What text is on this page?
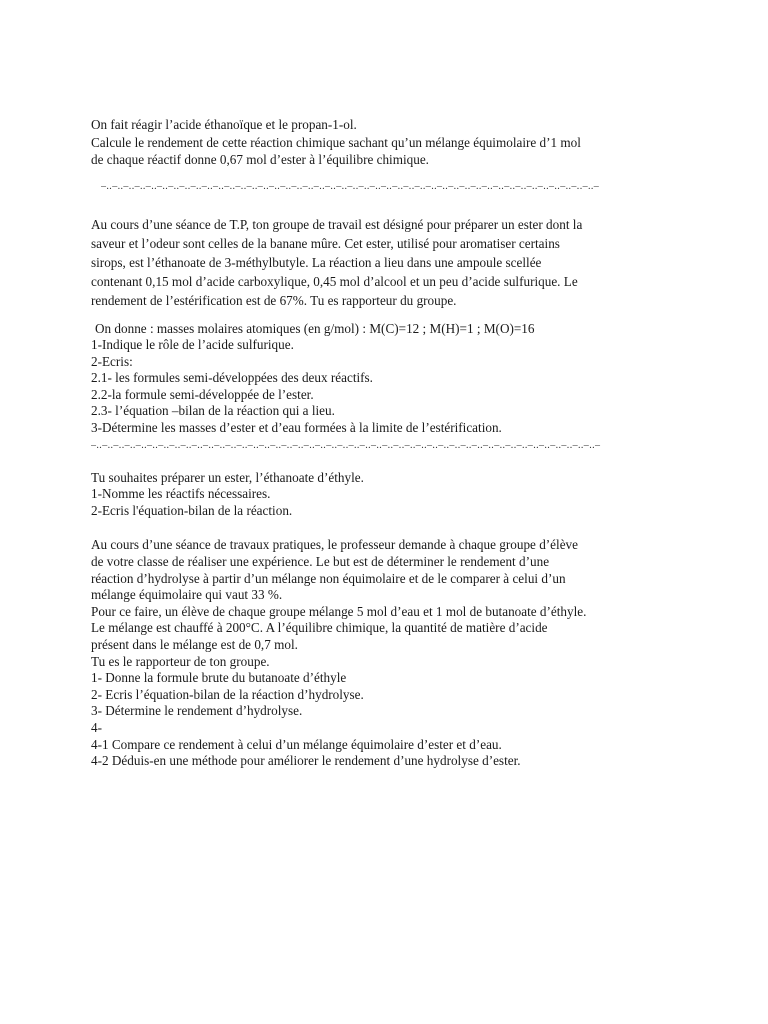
On fait réagir l’acide éthanoïque et le propan-1-ol.
Calcule le rendement de cette réaction chimique sachant qu’un mélange équimolaire d’1 mol
de chaque réactif donne 0,67 mol d’ester à l’équilibre chimique.
–..–..–..–..–..–..–..–..–..–..–..–..–..–..–..–..–..–..–..–..–..–..–..–..–..–..–..–..–..–..–..–..–..–..–..–..–..–..–..–..–..–..–..–..–
Au cours d’une séance de T.P, ton groupe de travail est désigné pour préparer un ester dont la
saveur et l’odeur sont celles de la banane mûre. Cet ester, utilisé pour aromatiser certains
sirops, est l’éthanoate de 3-méthylbutyle. La réaction a lieu dans une ampoule scellée
contenant 0,15 mol d’acide carboxylique, 0,45 mol d’alcool et un peu d’acide sulfurique. Le
rendement de l’estérification est de 67%. Tu es rapporteur du groupe.
On donne : masses molaires atomiques (en g/mol) : M(C)=12 ; M(H)=1 ; M(O)=16
1-Indique le rôle de l’acide sulfurique.
2-Ecris:
2.1- les formules semi-développées des deux réactifs.
2.2-la formule semi-développée de l’ester.
2.3- l’équation –bilan de la réaction qui a lieu.
3-Détermine les masses d’ester et d’eau formées à la limite de l’estérification.
–..–..–..–..–..–..–..–..–..–..–..–..–..–..–..–..–..–..–..–..–..–..–..–..–..–..–..–..–..–..–..–..–..–..–..–..–..–..–..–..–..–..–..–..–..–
Tu souhaites préparer un ester, l’éthanoate d’éthyle.
1-Nomme les réactifs nécessaires.
2-Ecris l'équation-bilan de la réaction.
Au cours d’une séance de travaux pratiques, le professeur demande à chaque groupe d’élève
de votre classe de réaliser une expérience. Le but est de déterminer le rendement d’une
réaction d’hydrolyse à partir d’un mélange non équimolaire et de le comparer à celui d’un
mélange équimolaire qui vaut 33 %.
Pour ce faire, un élève de chaque groupe mélange 5 mol d’eau et 1 mol de butanoate d’éthyle.
Le mélange est chauffé à 200°C. A l’équilibre chimique, la quantité de matière d’acide
présent dans le mélange est de 0,7 mol.
Tu es le rapporteur de ton groupe.
1- Donne la formule brute du butanoate d’éthyle
2- Ecris l’équation-bilan de la réaction d’hydrolyse.
3- Détermine le rendement d’hydrolyse.
4-
4-1 Compare ce rendement à celui d’un mélange équimolaire d’ester et d’eau.
4-2 Déduis-en une méthode pour améliorer le rendement d’une hydrolyse d’ester.
